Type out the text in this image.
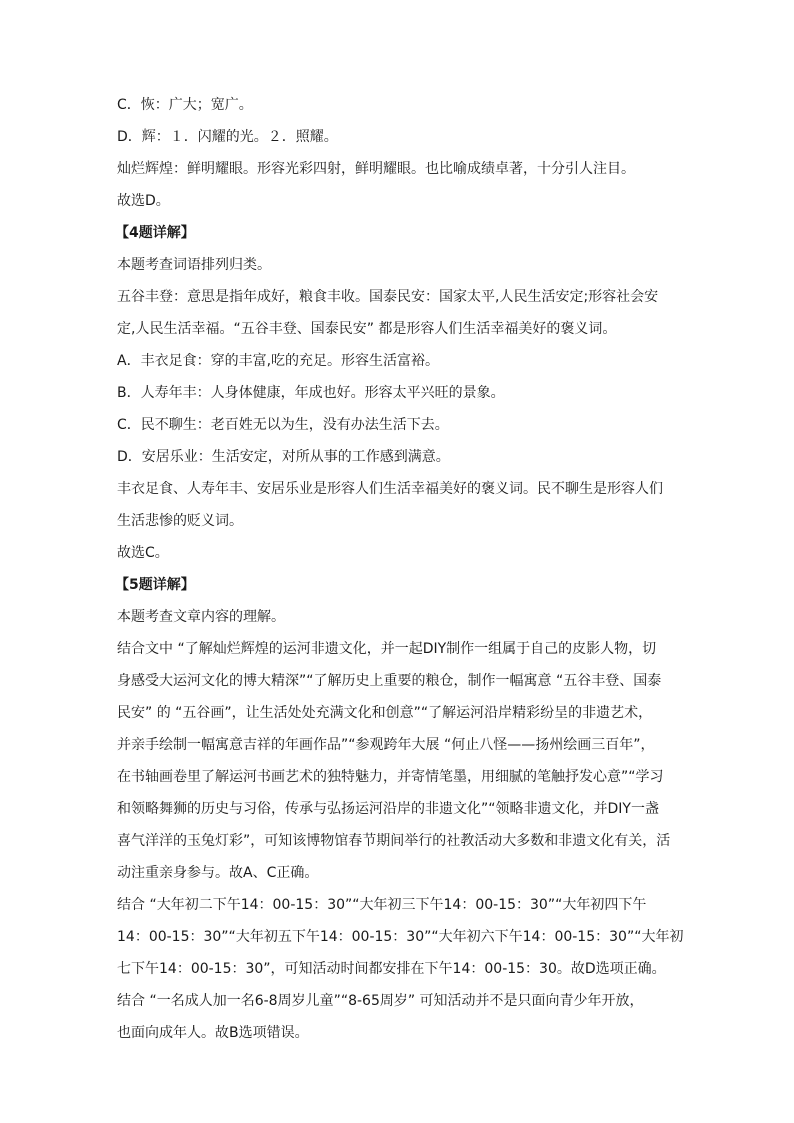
C．恢：广大；宽广。
D．辉：１．闪耀的光。２．照耀。
灿烂辉煌：鲜明耀眼。形容光彩四射，鲜明耀眼。也比喻成绩卓著，十分引人注目。
故选D。
【4题详解】
本题考查词语排列归类。
五谷丰登：意思是指年成好，粮食丰收。国泰民安：国家太平,人民生活安定;形容社会安
定,人民生活幸福。“五谷丰登、国泰民安” 都是形容人们生活幸福美好的褒义词。
A．丰衣足食：穿的丰富,吃的充足。形容生活富裕。
B．人寿年丰：人身体健康，年成也好。形容太平兴旺的景象。
C．民不聊生：老百姓无以为生，没有办法生活下去。
D．安居乐业：生活安定，对所从事的工作感到满意。
丰衣足食、人寿年丰、安居乐业是形容人们生活幸福美好的褒义词。民不聊生是形容人们
生活悲惨的贬义词。
故选C。
【5题详解】
本题考查文章内容的理解。
结合文中 “了解灿烂辉煌的运河非遗文化，并一起DIY制作一组属于自己的皮影人物，切
身感受大运河文化的博大精深”“了解历史上重要的粮仓，制作一幅寓意 “五谷丰登、国泰
民安” 的 “五谷画”，让生活处处充满文化和创意”“了解运河沿岸精彩纷呈的非遗艺术，
并亲手绘制一幅寓意吉祥的年画作品”“参观跨年大展 “何止八怪——扬州绘画三百年”，
在书轴画卷里了解运河书画艺术的独特魅力，并寄情笔墨，用细腻的笔触抒发心意”“学习
和领略舞狮的历史与习俗，传承与弘扬运河沿岸的非遗文化”“领略非遗文化，并DIY一盏
喜气洋洋的玉兔灯彩”，可知该博物馆春节期间举行的社教活动大多数和非遗文化有关，活
动注重亲身参与。故A、C正确。
结合 “大年初二下午14：00-15：30”“大年初三下午14：00-15：30”“大年初四下午
14：00-15：30”“大年初五下午14：00-15：30”“大年初六下午14：00-15：30”“大年初
七下午14：00-15：30”，可知活动时间都安排在下午14：00-15：30。故D选项正确。
结合 “一名成人加一名6-8周岁儿童”“8-65周岁” 可知活动并不是只面向青少年开放，
也面向成年人。故B选项错误。
